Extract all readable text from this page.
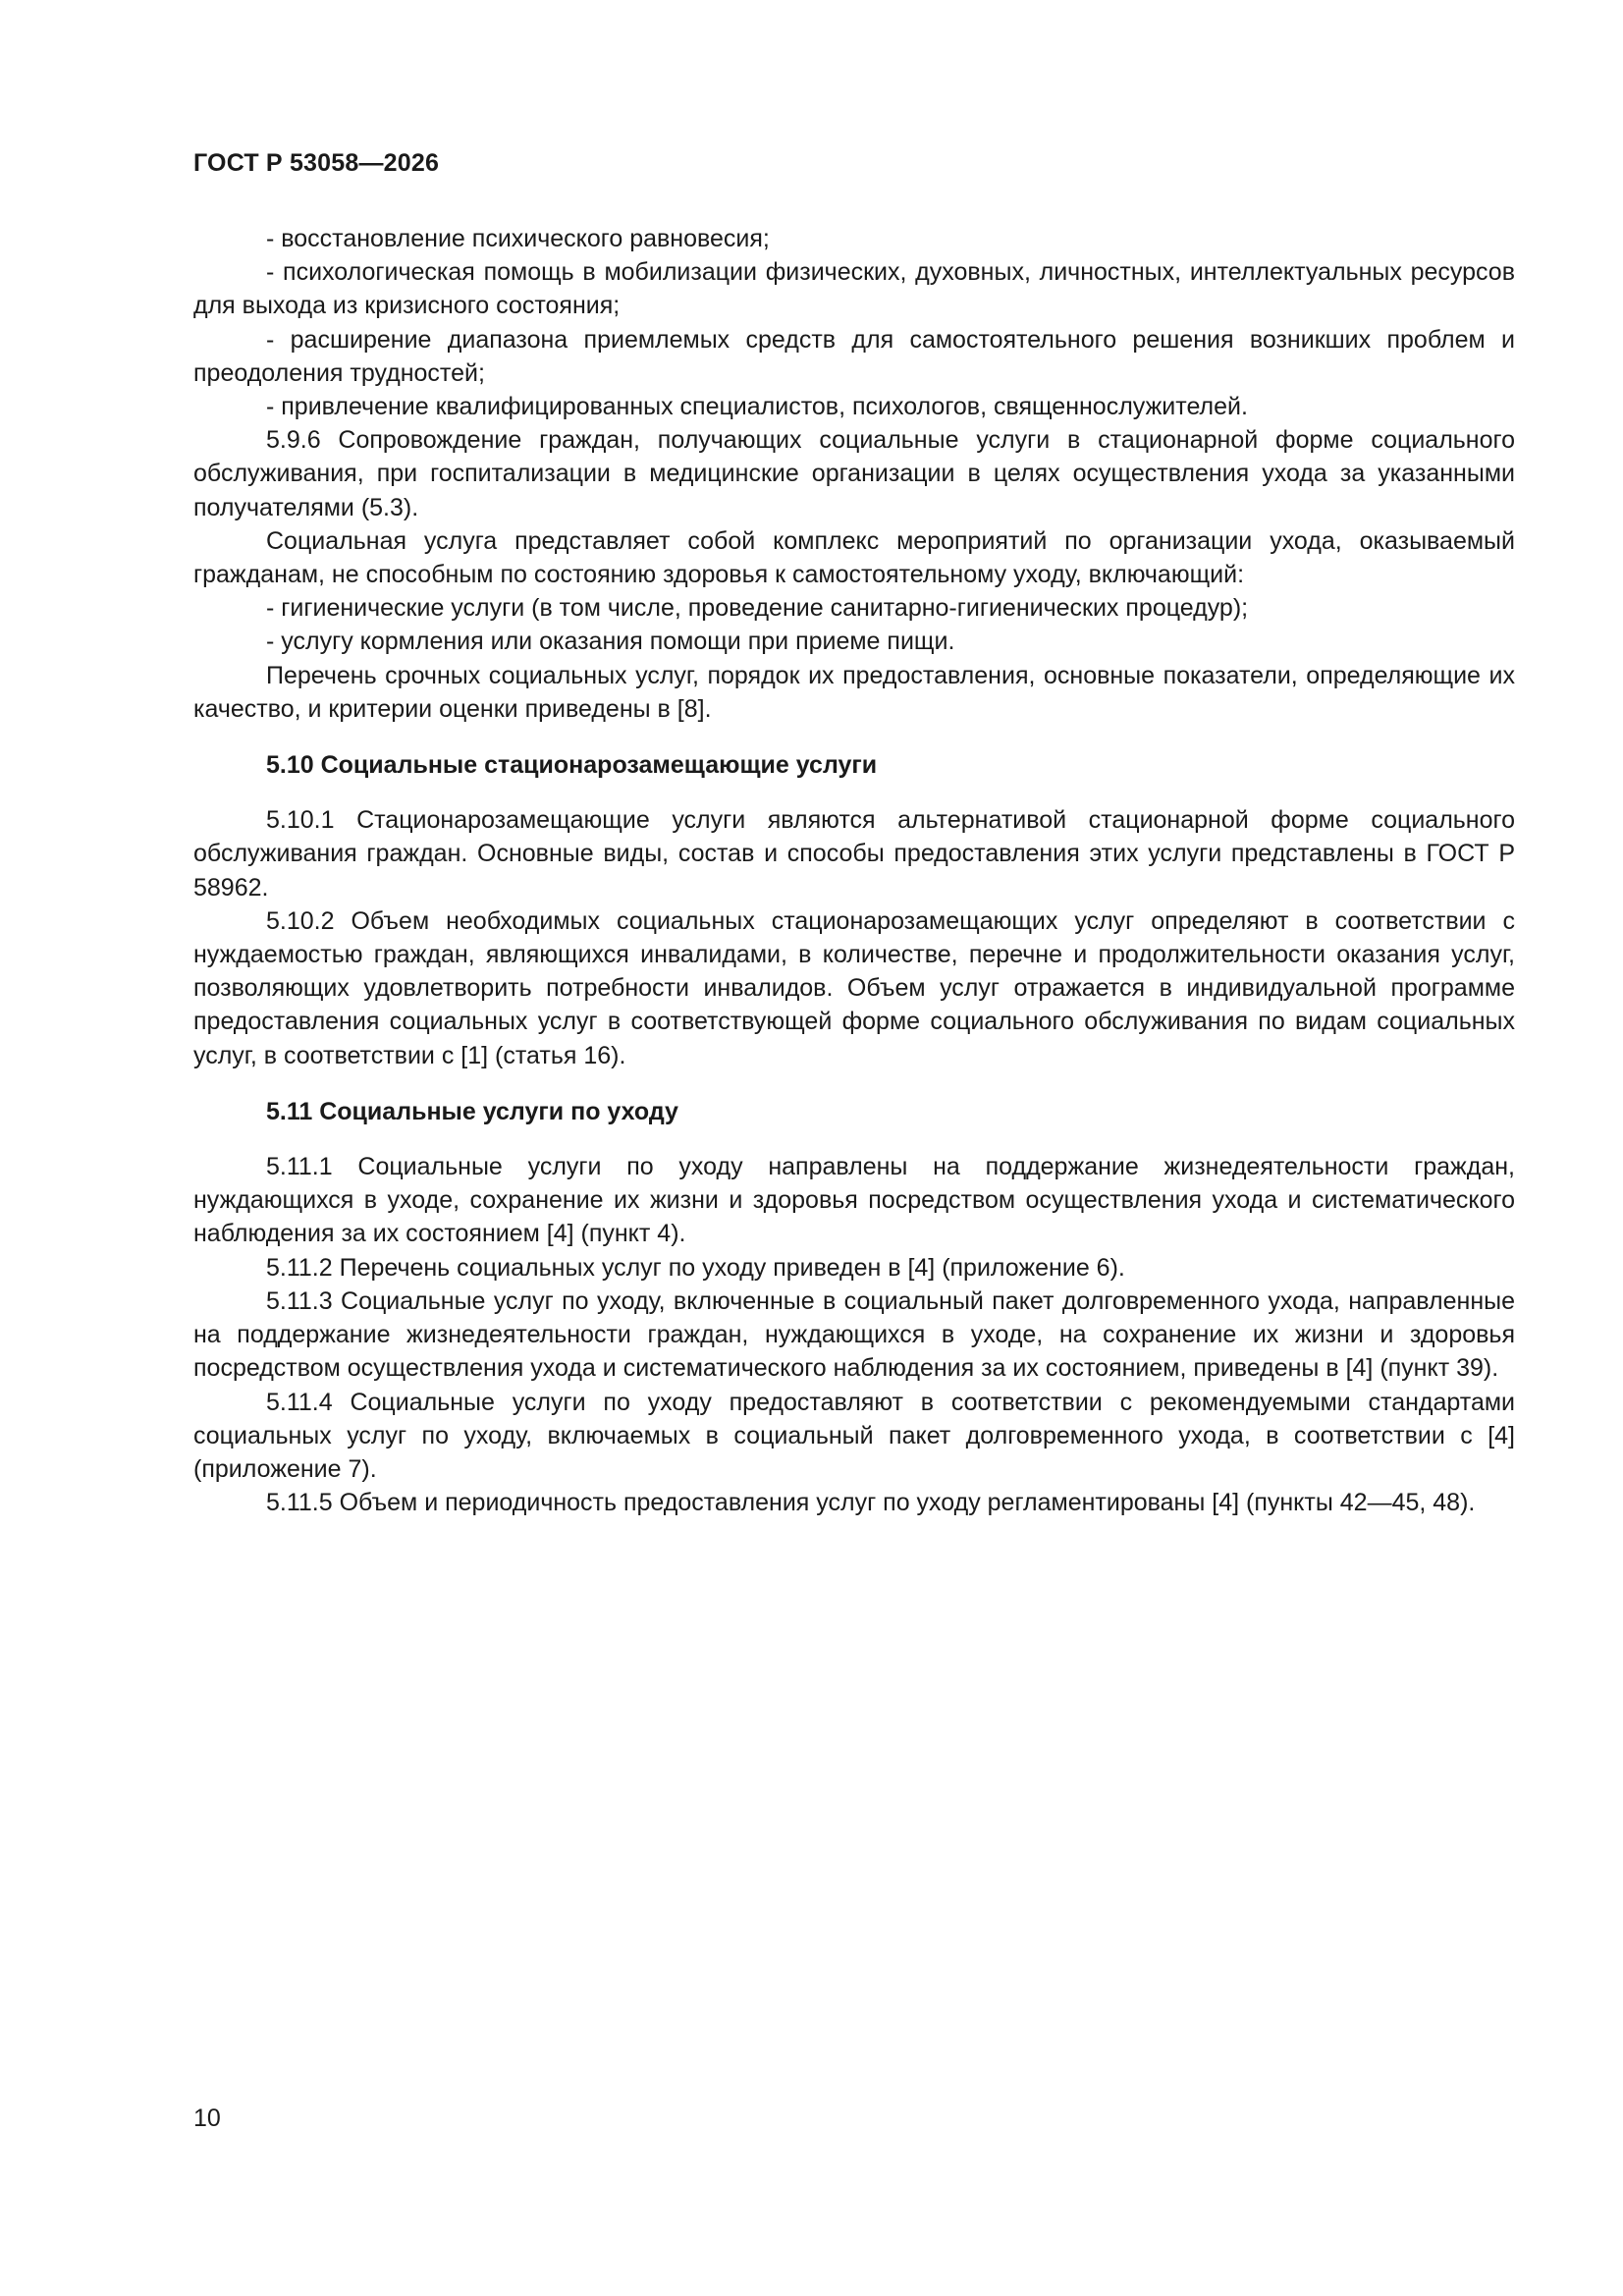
ГОСТ Р 53058—2026

- восстановление психического равновесия;

- психологическая помощь в мобилизации физических, духовных, личностных, интеллектуальных ресурсов для выхода из кризисного состояния;

- расширение диапазона приемлемых средств для самостоятельного решения возникших проблем и преодоления трудностей;

- привлечение квалифицированных специалистов, психологов, священнослужителей.

5.9.6 Сопровождение граждан, получающих социальные услуги в стационарной форме социального обслуживания, при госпитализации в медицинские организации в целях осуществления ухода за указанными получателями (5.3).

Социальная услуга представляет собой комплекс мероприятий по организации ухода, оказываемый гражданам, не способным по состоянию здоровья к самостоятельному уходу, включающий:

- гигиенические услуги (в том числе, проведение санитарно-гигиенических процедур);

- услугу кормления или оказания помощи при приеме пищи.

Перечень срочных социальных услуг, порядок их предоставления, основные показатели, определяющие их качество, и критерии оценки приведены в [8].

5.10 Социальные стационарозамещающие услуги

5.10.1 Стационарозамещающие услуги являются альтернативой стационарной форме социального обслуживания граждан. Основные виды, состав и способы предоставления этих услуги представлены в ГОСТ Р 58962.

5.10.2 Объем необходимых социальных стационарозамещающих услуг определяют в соответствии с нуждаемостью граждан, являющихся инвалидами, в количестве, перечне и продолжительности оказания услуг, позволяющих удовлетворить потребности инвалидов. Объем услуг отражается в индивидуальной программе предоставления социальных услуг в соответствующей форме социального обслуживания по видам социальных услуг, в соответствии с [1] (статья 16).

5.11 Социальные услуги по уходу

5.11.1 Социальные услуги по уходу направлены на поддержание жизнедеятельности граждан, нуждающихся в уходе, сохранение их жизни и здоровья посредством осуществления ухода и систематического наблюдения за их состоянием [4] (пункт 4).

5.11.2 Перечень социальных услуг по уходу приведен в [4] (приложение 6).

5.11.3 Социальные услуг по уходу, включенные в социальный пакет долговременного ухода, направленные на поддержание жизнедеятельности граждан, нуждающихся в уходе, на сохранение их жизни и здоровья посредством осуществления ухода и систематического наблюдения за их состоянием, приведены в [4] (пункт 39).

5.11.4 Социальные услуги по уходу предоставляют в соответствии с рекомендуемыми стандартами социальных услуг по уходу, включаемых в социальный пакет долговременного ухода, в соответствии с [4] (приложение 7).

5.11.5 Объем и периодичность предоставления услуг по уходу регламентированы [4] (пункты 42—45, 48).

10
